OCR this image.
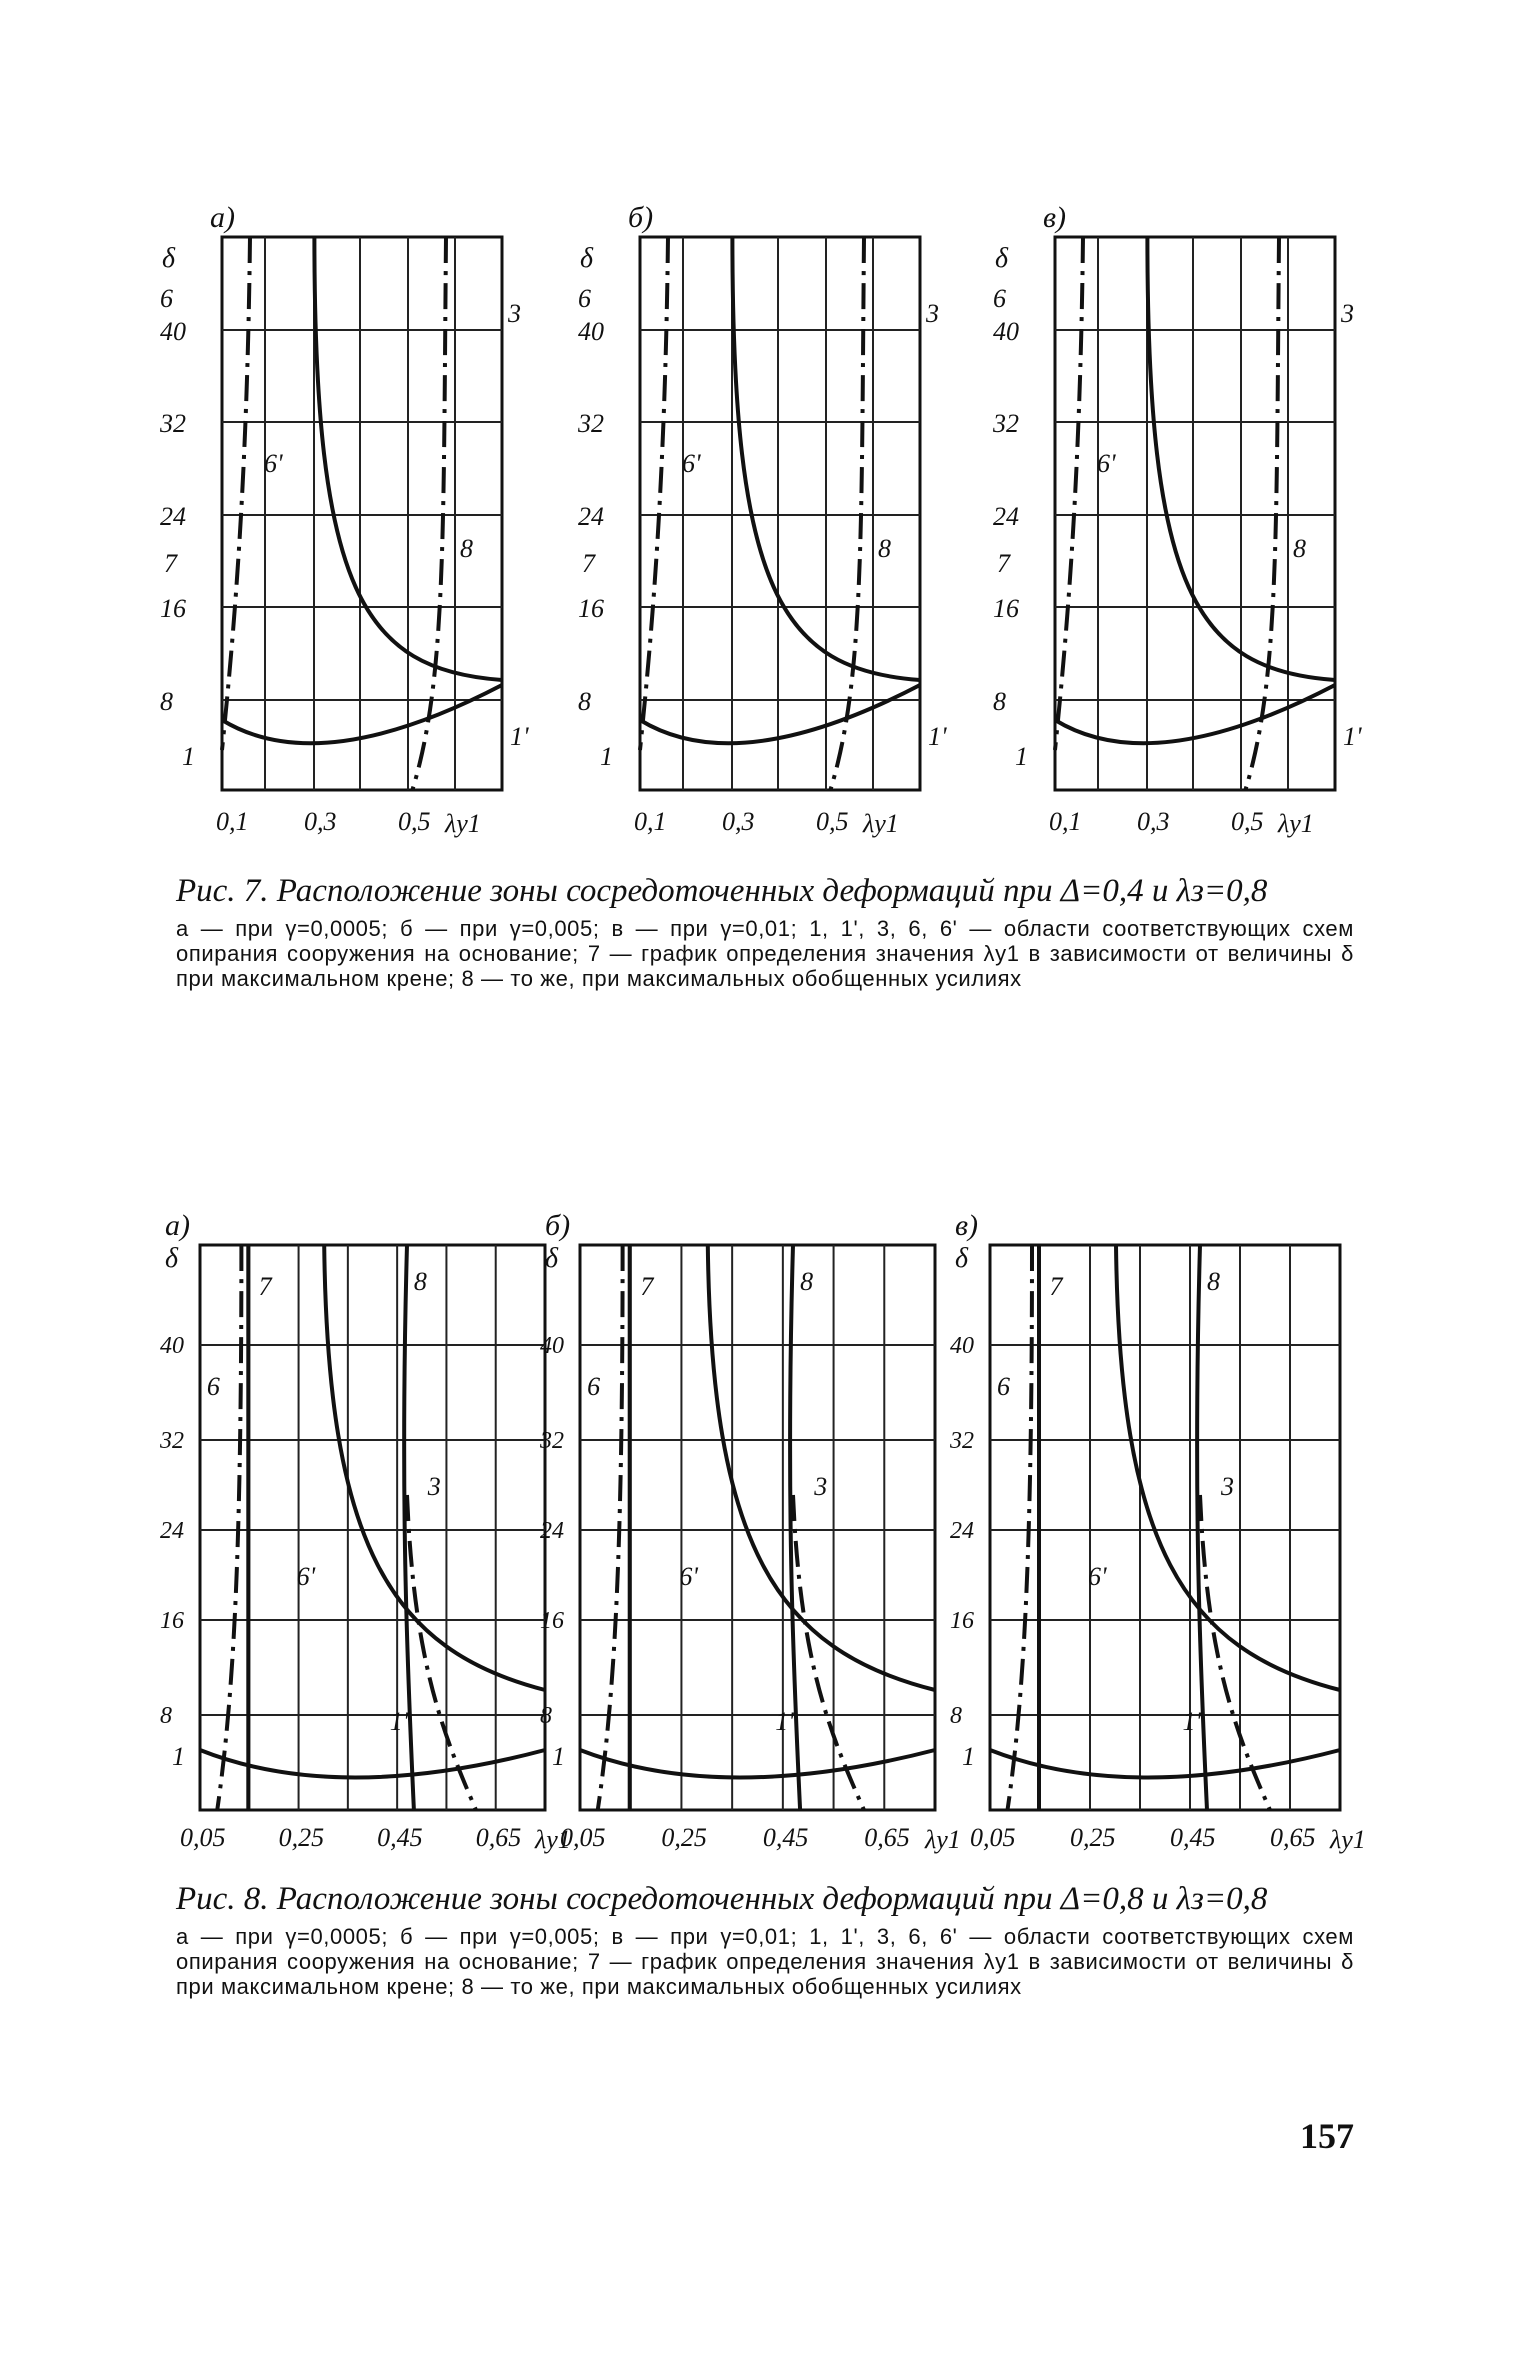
a)
δ
40
32
24
16
8
0,1 0,3 0,5 λy1
6
3
6'
7
8
1
1'
б)
δ
40
32
24
16
8
0,1 0,3 0,5 λy1
6
3
6'
7
8
1
1'
в)
δ
40
32
24
16
8
0,1 0,3 0,5 λy1
6
3
6'
7
8
1
1'

Рис. 7. Расположение зоны сосредоточенных деформаций при Δ=0,4 и λз=0,8

а — при γ=0,0005; б — при γ=0,005; в — при γ=0,01; 1, 1', 3, 6, 6' — области соответствующих схем опирания сооружения на основание; 7 — график определения значения λу1 в зависимости от величины δ при максимальном крене; 8 — то же, при максимальных обобщенных усилиях

а)
δ
40
32
24
16
8
0,05 0,25 0,45 0,65 λy1
7	8
6
3
6'
1
1'
б)
δ
40
32
24
16
8
0,05 0,25 0,45 0,65 λy1
7	8
6
3
6'
1
1'
в)
δ
40
32
24
16
8
0,05 0,25 0,45 0,65 λy1
7	8
6
3
6'
1
1'

Рис. 8. Расположение зоны сосредоточенных деформаций при Δ=0,8 и λз=0,8

а — при γ=0,0005; б — при γ=0,005; в — при γ=0,01; 1, 1', 3, 6, 6' — области соответствующих схем опирания сооружения на основание; 7 — график определения значения λу1 в зависимости от величины δ при максимальном крене; 8 — то же, при максимальных обобщенных усилиях

157
